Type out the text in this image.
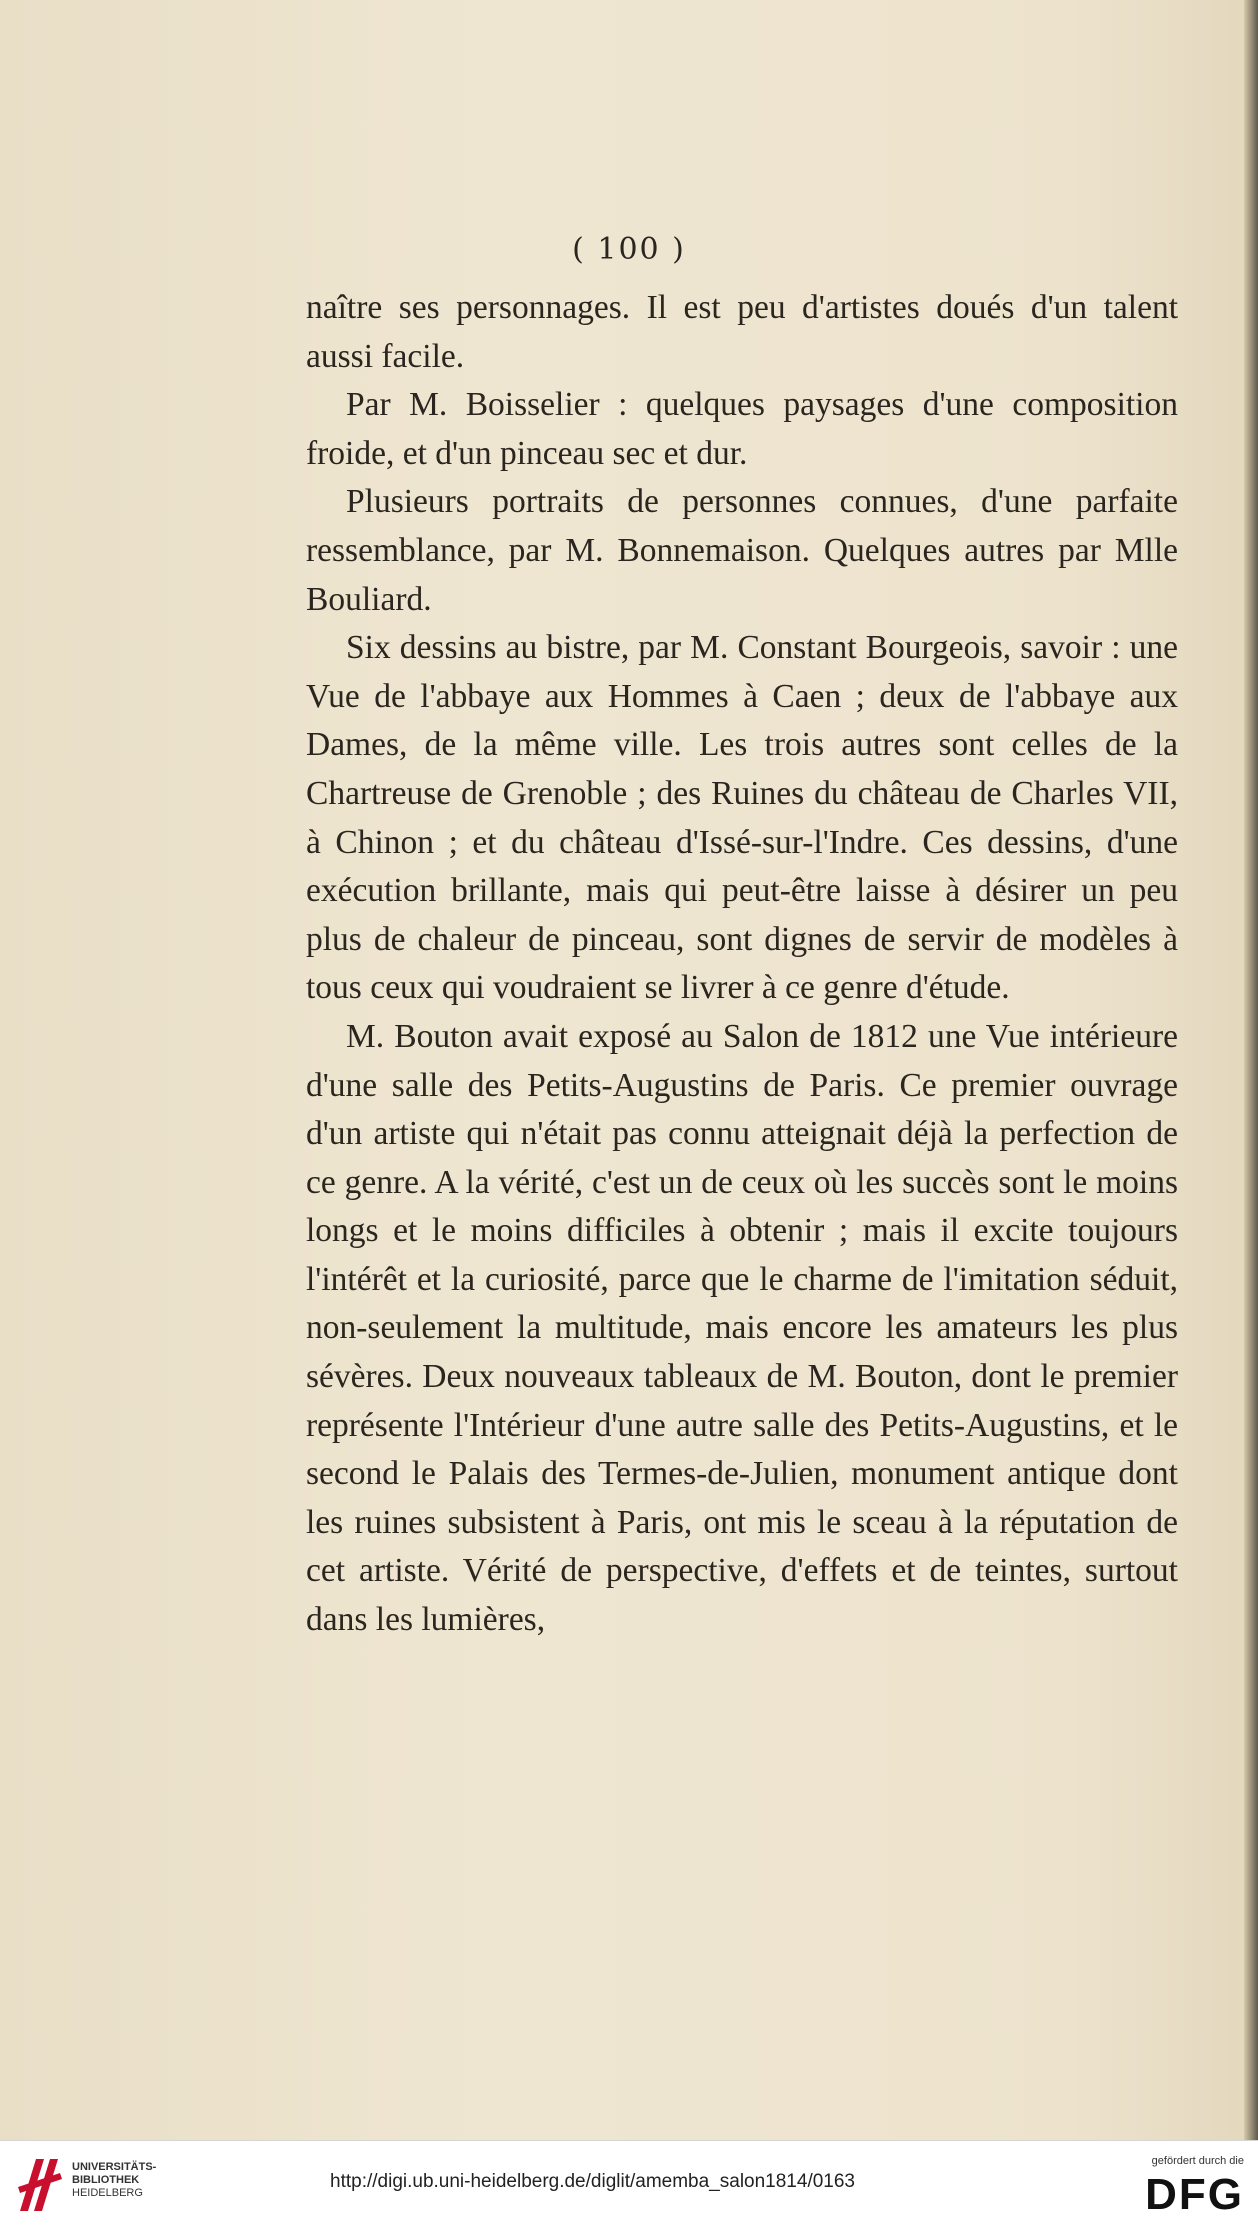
( 100 )

naître ses personnages. Il est peu d'artistes doués d'un talent aussi facile.

Par M. Boisselier : quelques paysages d'une composition froide, et d'un pinceau sec et dur.

Plusieurs portraits de personnes connues, d'une parfaite ressemblance, par M. Bonnemaison. Quelques autres par Mlle Bouliard.

Six dessins au bistre, par M. Constant Bourgeois, savoir : une Vue de l'abbaye aux Hommes à Caen ; deux de l'abbaye aux Dames, de la même ville. Les trois autres sont celles de la Chartreuse de Grenoble ; des Ruines du château de Charles VII, à Chinon ; et du château d'Issé-sur-l'Indre. Ces dessins, d'une exécution brillante, mais qui peut-être laisse à désirer un peu plus de chaleur de pinceau, sont dignes de servir de modèles à tous ceux qui voudraient se livrer à ce genre d'étude.

M. Bouton avait exposé au Salon de 1812 une Vue intérieure d'une salle des Petits-Augustins de Paris. Ce premier ouvrage d'un artiste qui n'était pas connu atteignait déjà la perfection de ce genre. A la vérité, c'est un de ceux où les succès sont le moins longs et le moins difficiles à obtenir ; mais il excite toujours l'intérêt et la curiosité, parce que le charme de l'imitation séduit, non-seulement la multitude, mais encore les amateurs les plus sévères. Deux nouveaux tableaux de M. Bouton, dont le premier représente l'Intérieur d'une autre salle des Petits-Augustins, et le second le Palais des Termes-de-Julien, monument antique dont les ruines subsistent à Paris, ont mis le sceau à la réputation de cet artiste. Vérité de perspective, d'effets et de teintes, surtout dans les lumières,

UNIVERSITÄTS-
BIBLIOTHEK
HEIDELBERG
http://digi.ub.uni-heidelberg.de/diglit/amemba_salon1814/0163
gefördert durch die
DFG
